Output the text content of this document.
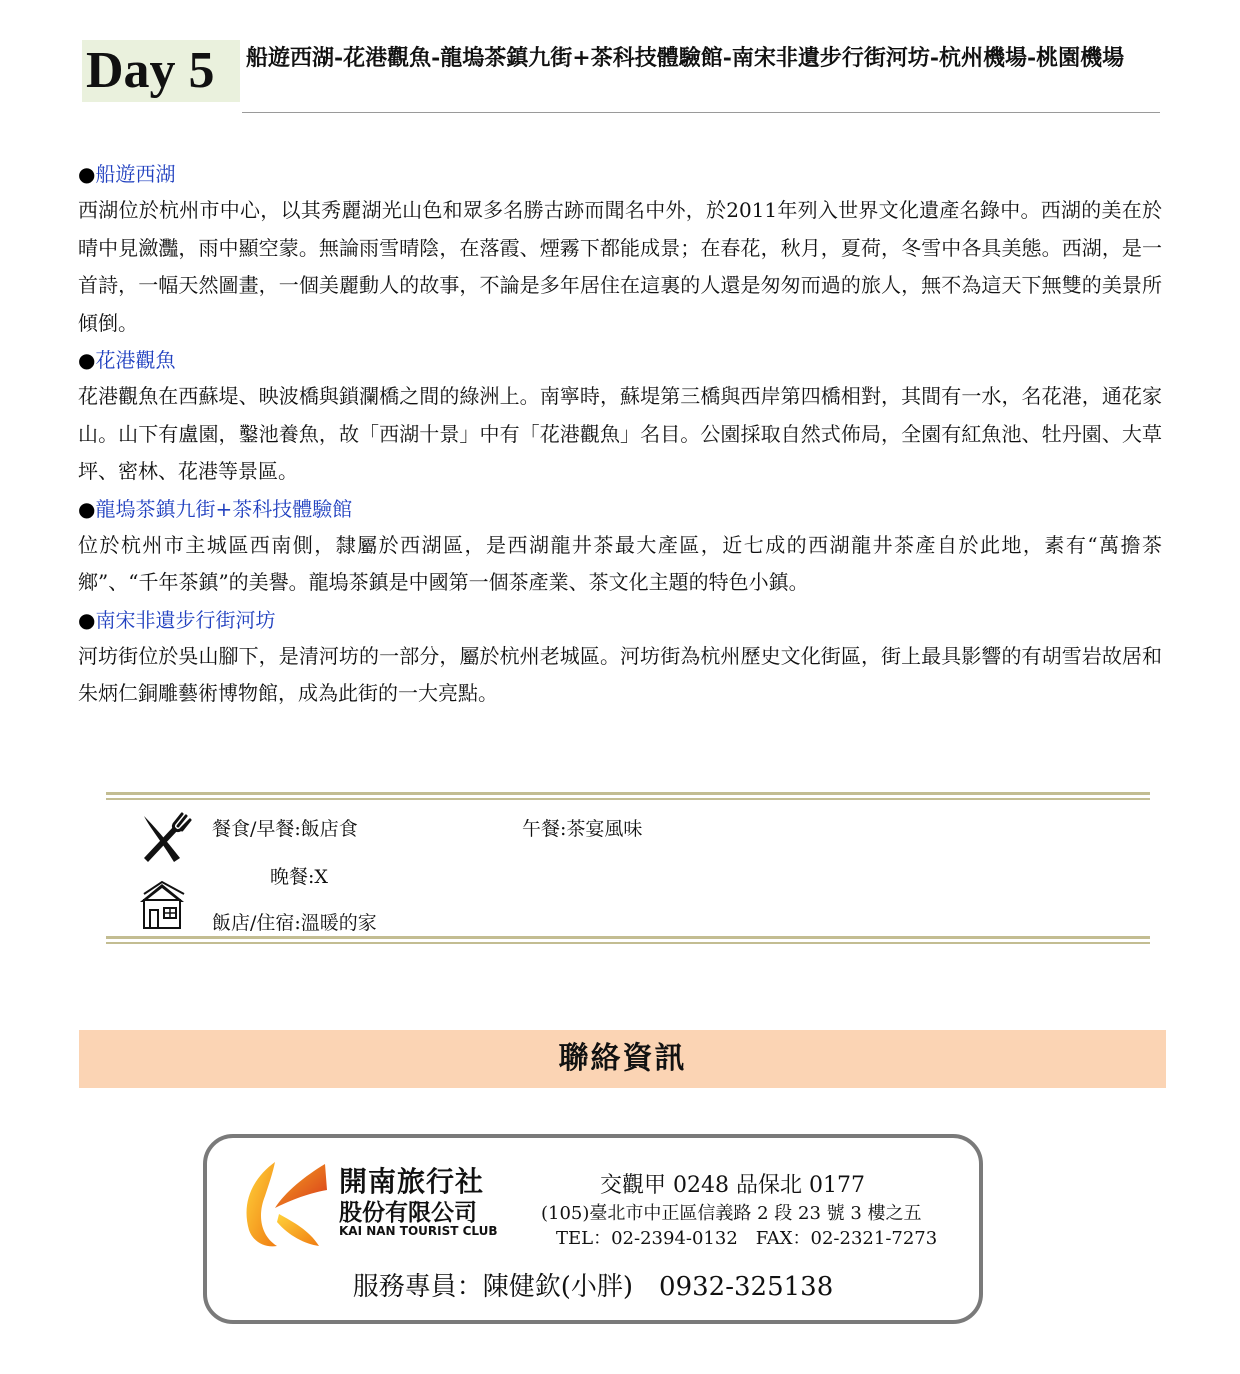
Day 5	船遊西湖-花港觀魚-龍塢茶鎮九街+茶科技體驗館-南宋非遺步行街河坊-杭州機場-桃園機場
●船遊西湖
西湖位於杭州市中心，以其秀麗湖光山色和眾多名勝古跡而聞名中外，於2011年列入世界文化遺產名錄中。西湖的美在於晴中見瀲灩，雨中顯空蒙。無論雨雪晴陰，在落霞、煙霧下都能成景；在春花，秋月，夏荷，冬雪中各具美態。西湖，是一首詩，一幅天然圖畫，一個美麗動人的故事，不論是多年居住在這裏的人還是匆匆而過的旅人，無不為這天下無雙的美景所傾倒。
●花港觀魚
花港觀魚在西蘇堤、映波橋與鎖瀾橋之間的綠洲上。南寧時，蘇堤第三橋與西岸第四橋相對，其間有一水，名花港，通花家山。山下有盧園，鑿池養魚，故「西湖十景」中有「花港觀魚」名目。公園採取自然式佈局，全園有紅魚池、牡丹園、大草坪、密林、花港等景區。
●龍塢茶鎮九街+茶科技體驗館
位於杭州市主城區西南側，隸屬於西湖區，是西湖龍井茶最大產區，近七成的西湖龍井茶產自於此地，素有“萬擔茶鄉”、“千年茶鎮”的美譽。龍塢茶鎮是中國第一個茶產業、茶文化主題的特色小鎮。
●南宋非遺步行街河坊
河坊街位於吳山腳下，是清河坊的一部分，屬於杭州老城區。河坊街為杭州歷史文化街區，街上最具影響的有胡雪岩故居和朱炳仁銅雕藝術博物館，成為此街的一大亮點。
餐食/早餐:飯店食	午餐:茶宴風味
晚餐:X
飯店/住宿:溫暖的家
聯絡資訊
開南旅行社
股份有限公司
KAI NAN TOURIST CLUB
交觀甲 0248 品保北 0177
(105)臺北市中正區信義路 2 段 23 號 3 樓之五
TEL：02-2394-0132　FAX：02-2321-7273
服務專員：陳健欽(小胖)　0932-325138
